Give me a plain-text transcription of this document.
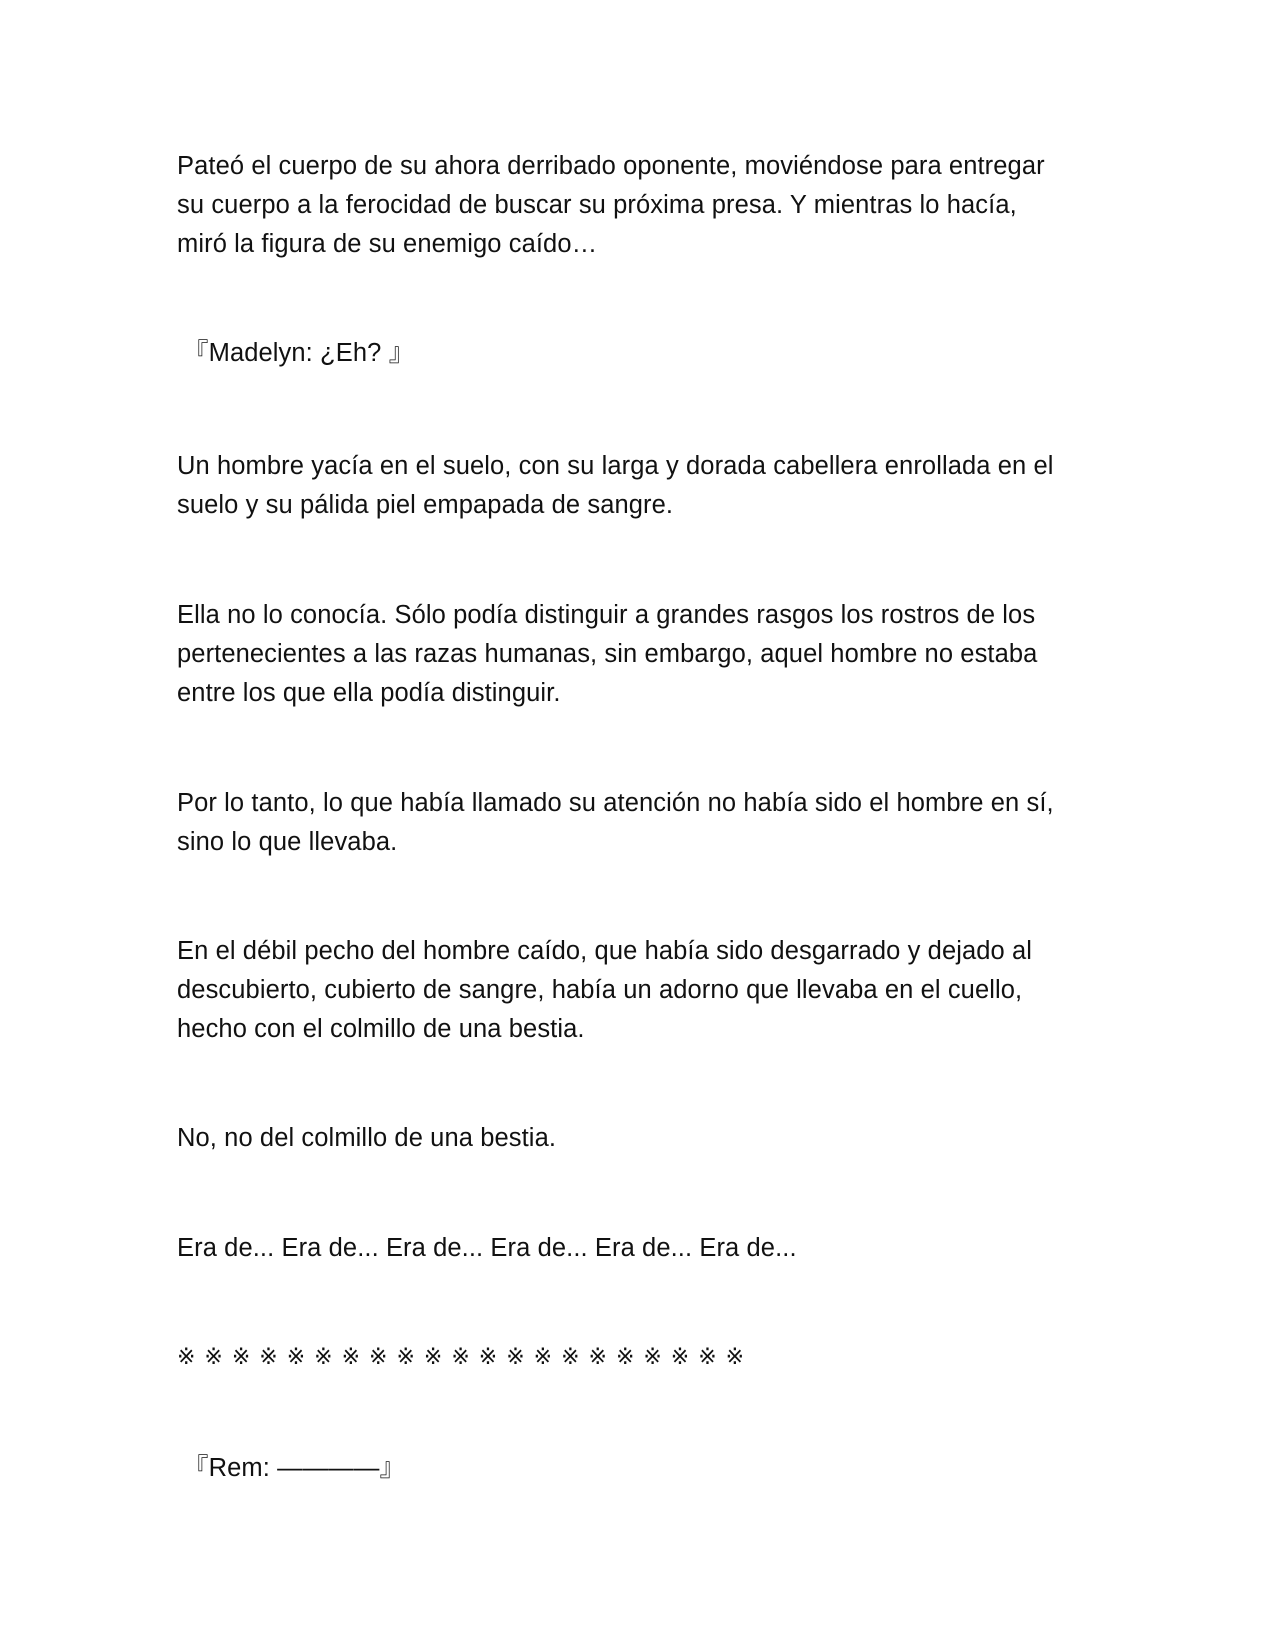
Pateó el cuerpo de su ahora derribado oponente, moviéndose para entregar
su cuerpo a la ferocidad de buscar su próxima presa. Y mientras lo hacía,
miró la figura de su enemigo caído…

『Madelyn: ¿Eh? 』

Un hombre yacía en el suelo, con su larga y dorada cabellera enrollada en el
suelo y su pálida piel empapada de sangre.

Ella no lo conocía. Sólo podía distinguir a grandes rasgos los rostros de los
pertenecientes a las razas humanas, sin embargo, aquel hombre no estaba
entre los que ella podía distinguir.

Por lo tanto, lo que había llamado su atención no había sido el hombre en sí,
sino lo que llevaba.

En el débil pecho del hombre caído, que había sido desgarrado y dejado al
descubierto, cubierto de sangre, había un adorno que llevaba en el cuello,
hecho con el colmillo de una bestia.

No, no del colmillo de una bestia.

Era de... Era de... Era de... Era de... Era de... Era de...

※※※※※※※※※※※※※※※※※※※※※

『Rem: ————』
